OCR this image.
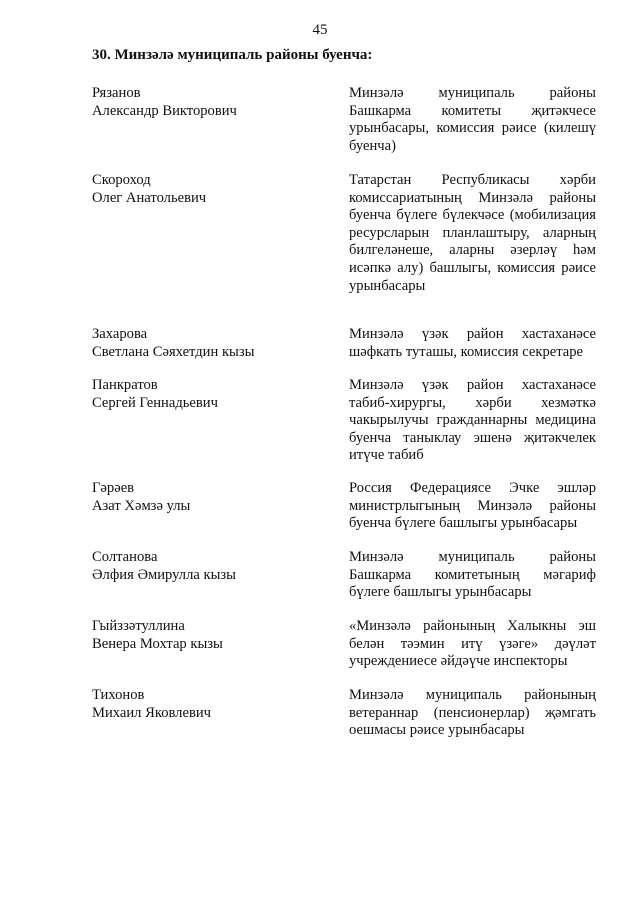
45
30. Минзәлә муниципаль районы буенча:
Рязанов
Александр Викторович
Минзәлә муниципаль районы Башкарма комитеты җитәкчесе урынбасары, комиссия рәисе (килешү буенча)
Скороход
Олег Анатольевич
Татарстан Республикасы хәрби комиссариатының Минзәлә районы буенча бүлеге бүлекчәсе (мобилизация ресурсларын планлаштыру, аларның билгеләнеше, аларны әзерләү һәм исәпкә алу) башлыгы, комиссия рәисе урынбасары
Захарова
Светлана Сәяхетдин кызы
Минзәлә үзәк район хастаханәсе шәфкать туташы, комиссия секретаре
Панкратов
Сергей Геннадьевич
Минзәлә үзәк район хастаханәсе табиб-хирургы, хәрби хезмәткә чакырылучы гражданнарны медицина буенча таныклау эшенә җитәкчелек итүче табиб
Гәрәев
Азат Хәмзә улы
Россия Федерациясе Эчке эшләр министрлыгының Минзәлә районы буенча бүлеге башлыгы урынбасары
Солтанова
Әлфия Әмирулла кызы
Минзәлә муниципаль районы Башкарма комитетының мәгариф бүлеге башлыгы урынбасары
Гыйззәтуллина
Венера Мохтар кызы
«Минзәлә районының Халыкны эш белән тәэмин итү үзәге» дәүләт учреждениесе әйдәүче инспекторы
Тихонов
Михаил Яковлевич
Минзәлә муниципаль районының ветераннар (пенсионерлар) җәмгать оешмасы рәисе урынбасары
